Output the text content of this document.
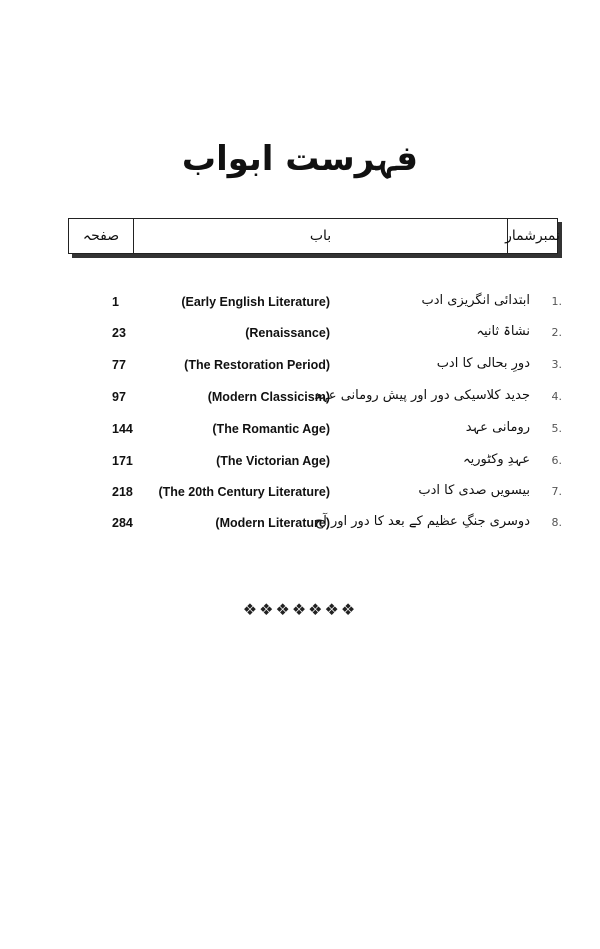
فہرست ابواب
نمبرشمار
باب
صفحہ
1.
ابتدائی انگریزی ادب
(Early English Literature)
1
2.
نشاۃ ثانیہ
(Renaissance)
23
3.
دورِ بحالی کا ادب
(The Restoration Period)
77
4.
جدید کلاسیکی دور اور پیش رومانی عہد
(Modern Classicism)
97
5.
رومانی عہد
(The Romantic Age)
144
6.
عہدِ وکٹوریہ
(The Victorian Age)
171
7.
بیسویں صدی کا ادب
(The 20th Century Literature)
218
8.
دوسری جنگِ عظیم کے بعد کا دور اور آج
(Modern Literature)
284
❖❖❖❖❖❖❖
